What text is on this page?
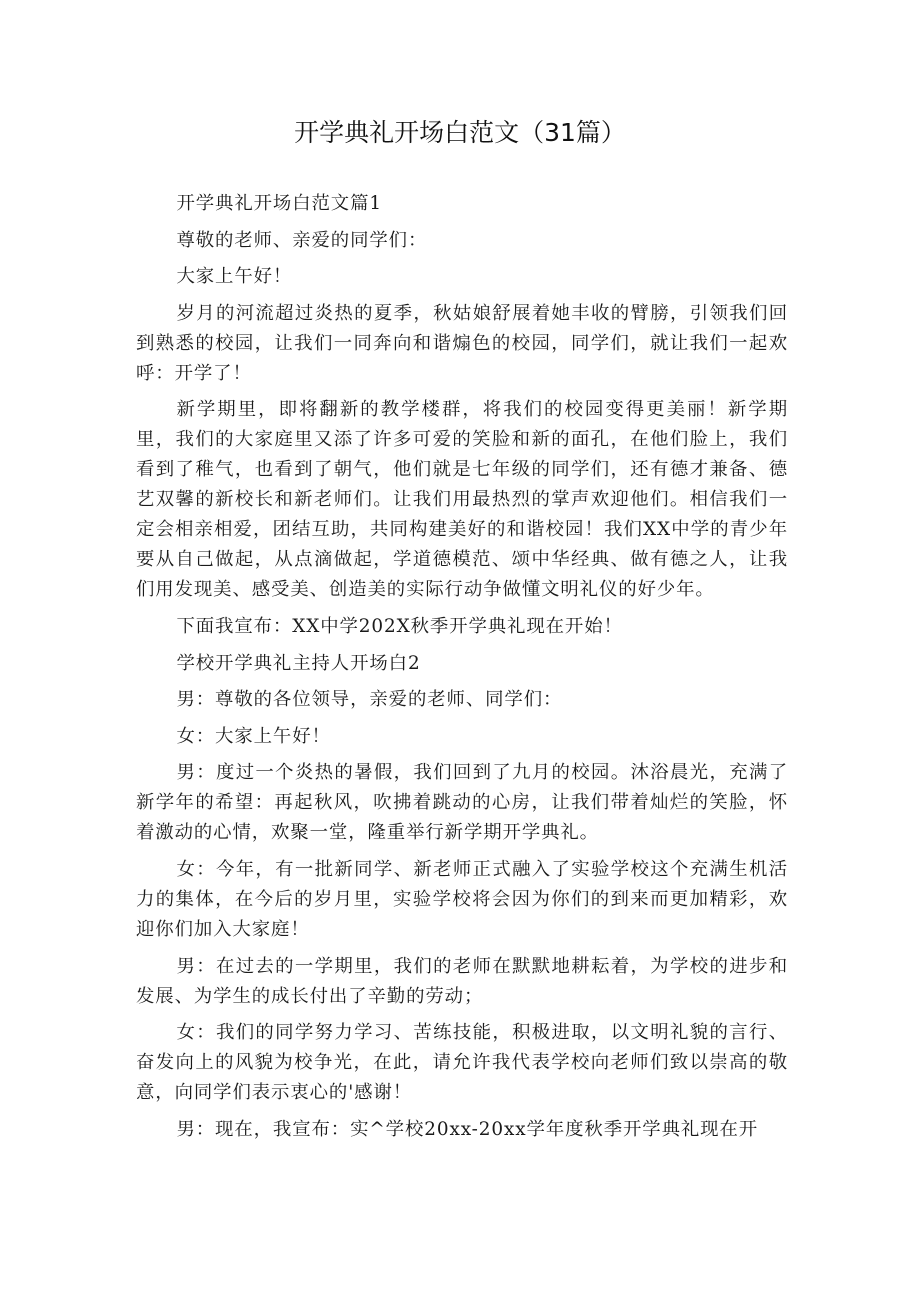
开学典礼开场白范文（31篇）

开学典礼开场白范文篇1

尊敬的老师、亲爱的同学们：

大家上午好！

岁月的河流超过炎热的夏季，秋姑娘舒展着她丰收的臂膀，引领我们回到熟悉的校园，让我们一同奔向和谐煽色的校园，同学们，就让我们一起欢呼：开学了！

新学期里，即将翻新的教学楼群，将我们的校园变得更美丽！新学期里，我们的大家庭里又添了许多可爱的笑脸和新的面孔，在他们脸上，我们看到了稚气，也看到了朝气，他们就是七年级的同学们，还有德才兼备、德艺双馨的新校长和新老师们。让我们用最热烈的掌声欢迎他们。相信我们一定会相亲相爱，团结互助，共同构建美好的和谐校园！我们XX中学的青少年要从自己做起，从点滴做起，学道德模范、颂中华经典、做有德之人，让我们用发现美、感受美、创造美的实际行动争做懂文明礼仪的好少年。

下面我宣布：XX中学202X秋季开学典礼现在开始！

学校开学典礼主持人开场白2

男：尊敬的各位领导，亲爱的老师、同学们：

女：大家上午好！

男：度过一个炎热的暑假，我们回到了九月的校园。沐浴晨光，充满了新学年的希望：再起秋风，吹拂着跳动的心房，让我们带着灿烂的笑脸，怀着激动的心情，欢聚一堂，隆重举行新学期开学典礼。

女：今年，有一批新同学、新老师正式融入了实验学校这个充满生机活力的集体，在今后的岁月里，实验学校将会因为你们的到来而更加精彩，欢迎你们加入大家庭！

男：在过去的一学期里，我们的老师在默默地耕耘着，为学校的进步和发展、为学生的成长付出了辛勤的劳动；

女：我们的同学努力学习、苦练技能，积极进取，以文明礼貌的言行、奋发向上的风貌为校争光，在此，请允许我代表学校向老师们致以崇高的敬意，向同学们表示衷心的'感谢！

男：现在，我宣布：实^学校20xx-20xx学年度秋季开学典礼现在开
